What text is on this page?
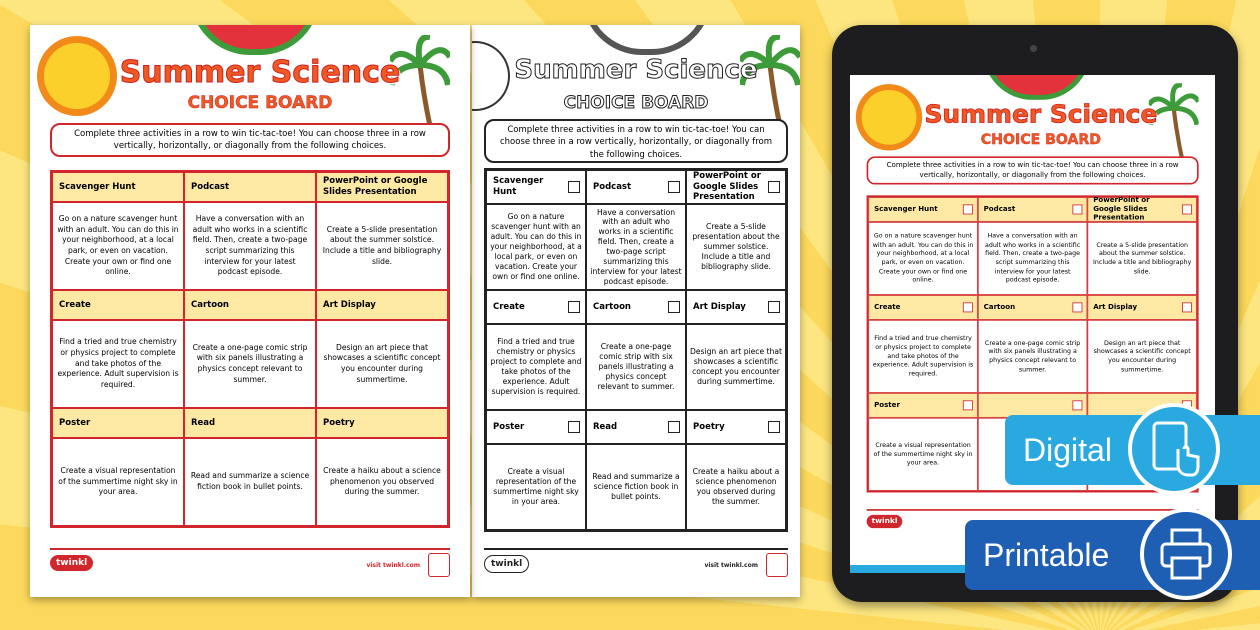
Summer Science
CHOICE BOARD
Complete three activities in a row to win tic-tac-toe! You can choose three in a row vertically, horizontally, or diagonally from the following choices.
Scavenger Hunt
Go on a nature scavenger hunt with an adult. You can do this in your neighborhood, at a local park, or even on vacation. Create your own or find one online.
Create
Find a tried and true chemistry or physics project to complete and take photos of the experience. Adult supervision is required.
Poster
Create a visual representation of the summertime night sky in your area.
Podcast
Have a conversation with an adult who works in a scientific field. Then, create a two-page script summarizing this interview for your latest podcast episode.
Cartoon
Create a one-page comic strip with six panels illustrating a physics concept relevant to summer.
Read
Read and summarize a science fiction book in bullet points.
PowerPoint or Google Slides Presentation
Create a 5-slide presentation about the summer solstice. Include a title and bibliography slide.
Art Display
Design an art piece that showcases a scientific concept you encounter during summertime.
Poetry
Create a haiku about a science phenomenon you observed during the summer.
twinkl	visit twinkl.com
Summer Science
CHOICE BOARD
Complete three activities in a row to win tic-tac-toe! You can choose three in a row vertically, horizontally, or diagonally from the following choices.
Scavenger Hunt
Go on a nature scavenger hunt with an adult. You can do this in your neighborhood, at a local park, or even on vacation. Create your own or find one online.
Create
Find a tried and true chemistry or physics project to complete and take photos of the experience. Adult supervision is required.
Poster
Create a visual representation of the summertime night sky in your area.
Podcast
Have a conversation with an adult who works in a scientific field. Then, create a two-page script summarizing this interview for your latest podcast episode.
Cartoon
Create a one-page comic strip with six panels illustrating a physics concept relevant to summer.
Read
Read and summarize a science fiction book in bullet points.
PowerPoint or Google Slides Presentation
Create a 5-slide presentation about the summer solstice. Include a title and bibliography slide.
Art Display
Design an art piece that showcases a scientific concept you encounter during summertime.
Poetry
Create a haiku about a science phenomenon you observed during the summer.
twinkl	visit twinkl.com
Summer Science
CHOICE BOARD
Complete three activities in a row to win tic-tac-toe! You can choose three in a row vertically, horizontally, or diagonally from the following choices.
Scavenger Hunt
Go on a nature scavenger hunt with an adult. You can do this in your neighborhood, at a local park, or even on vacation. Create your own or find one online.
Create
Find a tried and true chemistry or physics project to complete and take photos of the experience. Adult supervision is required.
Poster
Create a visual representation of the summertime night sky in your area.
Podcast
Have a conversation with an adult who works in a scientific field. Then, create a two-page script summarizing this interview for your latest podcast episode.
Cartoon
Create a one-page comic strip with six panels illustrating a physics concept relevant to summer.
PowerPoint or Google Slides Presentation
Create a 5-slide presentation about the summer solstice. Include a title and bibliography slide.
Art Display
Design an art piece that showcases a scientific concept you encounter during summertime.
twinkl
Digital
Printable
